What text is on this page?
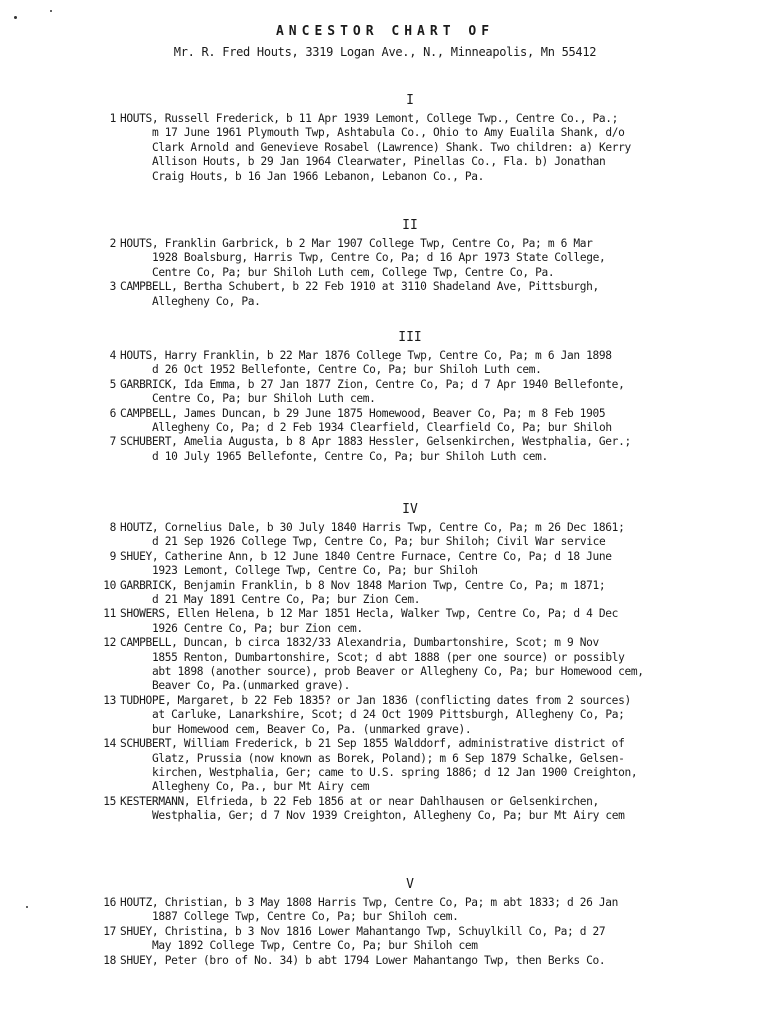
ANCESTOR CHART OF
Mr. R. Fred Houts, 3319 Logan Ave., N., Minneapolis, Mn 55412
I
1 HOUTS, Russell Frederick, b 11 Apr 1939 Lemont, College Twp., Centre Co., Pa.;
m 17 June 1961 Plymouth Twp, Ashtabula Co., Ohio to Amy Eualila Shank, d/o
Clark Arnold and Genevieve Rosabel (Lawrence) Shank. Two children: a) Kerry
Allison Houts, b 29 Jan 1964 Clearwater, Pinellas Co., Fla. b) Jonathan
Craig Houts, b 16 Jan 1966 Lebanon, Lebanon Co., Pa.
II
2 HOUTS, Franklin Garbrick, b 2 Mar 1907 College Twp, Centre Co, Pa; m 6 Mar
1928 Boalsburg, Harris Twp, Centre Co, Pa; d 16 Apr 1973 State College,
Centre Co, Pa; bur Shiloh Luth cem, College Twp, Centre Co, Pa.
3 CAMPBELL, Bertha Schubert, b 22 Feb 1910 at 3110 Shadeland Ave, Pittsburgh,
Allegheny Co, Pa.
III
4 HOUTS, Harry Franklin, b 22 Mar 1876 College Twp, Centre Co, Pa; m 6 Jan 1898
d 26 Oct 1952 Bellefonte, Centre Co, Pa; bur Shiloh Luth cem.
5 GARBRICK, Ida Emma, b 27 Jan 1877 Zion, Centre Co, Pa; d 7 Apr 1940 Bellefonte,
Centre Co, Pa; bur Shiloh Luth cem.
6 CAMPBELL, James Duncan, b 29 June 1875 Homewood, Beaver Co, Pa; m 8 Feb 1905
Allegheny Co, Pa; d 2 Feb 1934 Clearfield, Clearfield Co, Pa; bur Shiloh
7 SCHUBERT, Amelia Augusta, b 8 Apr 1883 Hessler, Gelsenkirchen, Westphalia, Ger.;
d 10 July 1965 Bellefonte, Centre Co, Pa; bur Shiloh Luth cem.
IV
8 HOUTZ, Cornelius Dale, b 30 July 1840 Harris Twp, Centre Co, Pa; m 26 Dec 1861;
d 21 Sep 1926 College Twp, Centre Co, Pa; bur Shiloh; Civil War service
9 SHUEY, Catherine Ann, b 12 June 1840 Centre Furnace, Centre Co, Pa; d 18 June
1923 Lemont, College Twp, Centre Co, Pa; bur Shiloh
10 GARBRICK, Benjamin Franklin, b 8 Nov 1848 Marion Twp, Centre Co, Pa; m 1871;
d 21 May 1891 Centre Co, Pa; bur Zion Cem.
11 SHOWERS, Ellen Helena, b 12 Mar 1851 Hecla, Walker Twp, Centre Co, Pa; d 4 Dec
1926 Centre Co, Pa; bur Zion cem.
12 CAMPBELL, Duncan, b circa 1832/33 Alexandria, Dumbartonshire, Scot; m 9 Nov
1855 Renton, Dumbartonshire, Scot; d abt 1888 (per one source) or possibly
abt 1898 (another source), prob Beaver or Allegheny Co, Pa; bur Homewood cem,
Beaver Co, Pa.(unmarked grave).
13 TUDHOPE, Margaret, b 22 Feb 1835? or Jan 1836 (conflicting dates from 2 sources)
at Carluke, Lanarkshire, Scot; d 24 Oct 1909 Pittsburgh, Allegheny Co, Pa;
bur Homewood cem, Beaver Co, Pa. (unmarked grave).
14 SCHUBERT, William Frederick, b 21 Sep 1855 Walddorf, administrative district of
Glatz, Prussia (now known as Borek, Poland); m 6 Sep 1879 Schalke, Gelsen-
kirchen, Westphalia, Ger; came to U.S. spring 1886; d 12 Jan 1900 Creighton,
Allegheny Co, Pa., bur Mt Airy cem
15 KESTERMANN, Elfrieda, b 22 Feb 1856 at or near Dahlhausen or Gelsenkirchen,
Westphalia, Ger; d 7 Nov 1939 Creighton, Allegheny Co, Pa; bur Mt Airy cem
V
16 HOUTZ, Christian, b 3 May 1808 Harris Twp, Centre Co, Pa; m abt 1833; d 26 Jan
1887 College Twp, Centre Co, Pa; bur Shiloh cem.
17 SHUEY, Christina, b 3 Nov 1816 Lower Mahantango Twp, Schuylkill Co, Pa; d 27
May 1892 College Twp, Centre Co, Pa; bur Shiloh cem
18 SHUEY, Peter (bro of No. 34) b abt 1794 Lower Mahantango Twp, then Berks Co.
